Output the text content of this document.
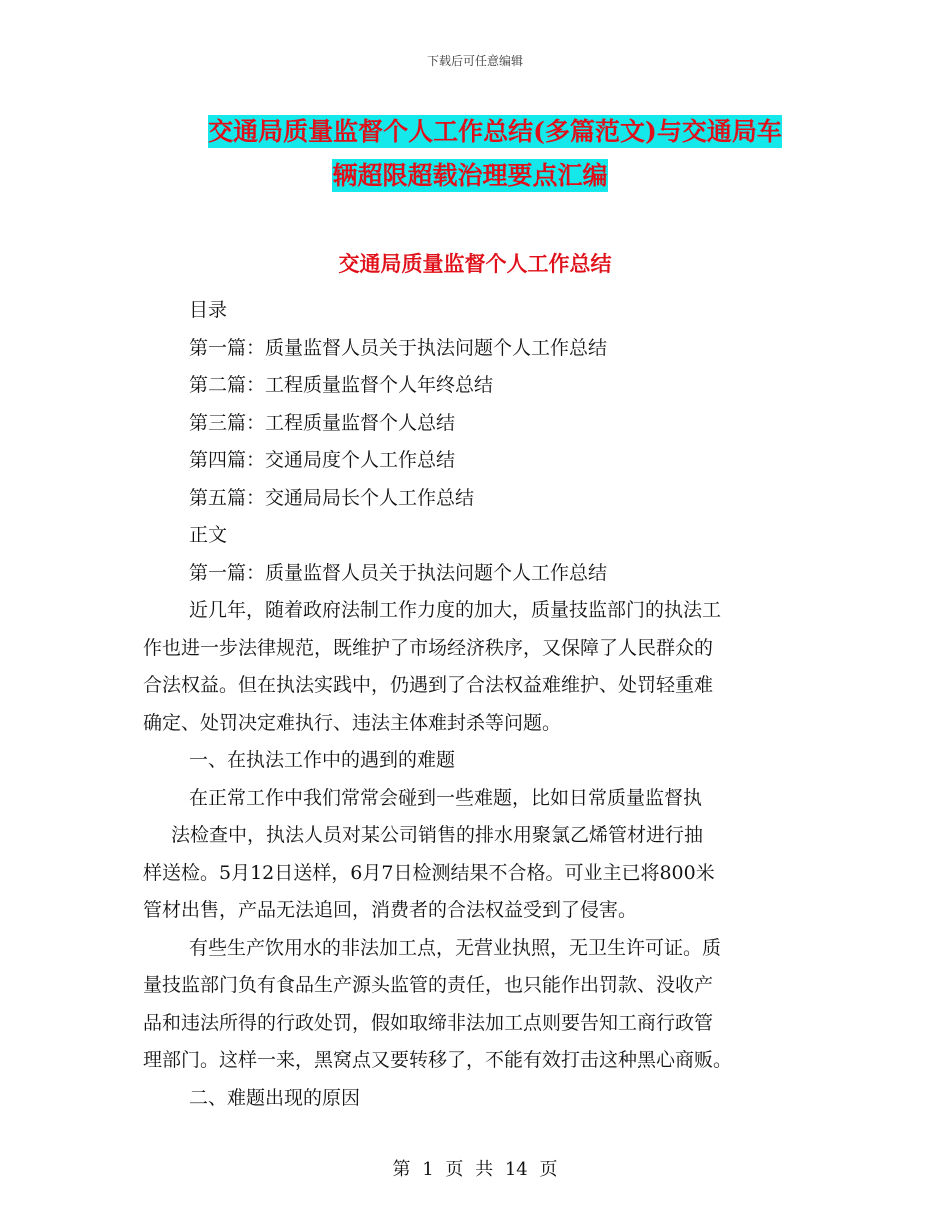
下载后可任意编辑
交通局质量监督个人工作总结(多篇范文)与交通局车
辆超限超载治理要点汇编
交通局质量监督个人工作总结

目录

第一篇：质量监督人员关于执法问题个人工作总结

第二篇：工程质量监督个人年终总结

第三篇：工程质量监督个人总结

第四篇：交通局度个人工作总结

第五篇：交通局局长个人工作总结

正文

第一篇：质量监督人员关于执法问题个人工作总结

近几年，随着政府法制工作力度的加大，质量技监部门的执法工

作也进一步法律规范，既维护了市场经济秩序，又保障了人民群众的

合法权益。但在执法实践中，仍遇到了合法权益难维护、处罚轻重难

确定、处罚决定难执行、违法主体难封杀等问题。

一、在执法工作中的遇到的难题

在正常工作中我们常常会碰到一些难题，比如日常质量监督执

法检查中，执法人员对某公司销售的排水用聚氯乙烯管材进行抽

样送检。5月12日送样，6月7日检测结果不合格。可业主已将800米

管材出售，产品无法追回，消费者的合法权益受到了侵害。

有些生产饮用水的非法加工点，无营业执照，无卫生许可证。质

量技监部门负有食品生产源头监管的责任，也只能作出罚款、没收产

品和违法所得的行政处罚，假如取缔非法加工点则要告知工商行政管

理部门。这样一来，黑窝点又要转移了，不能有效打击这种黑心商贩。

二、难题出现的原因

第 1 页 共 14 页
